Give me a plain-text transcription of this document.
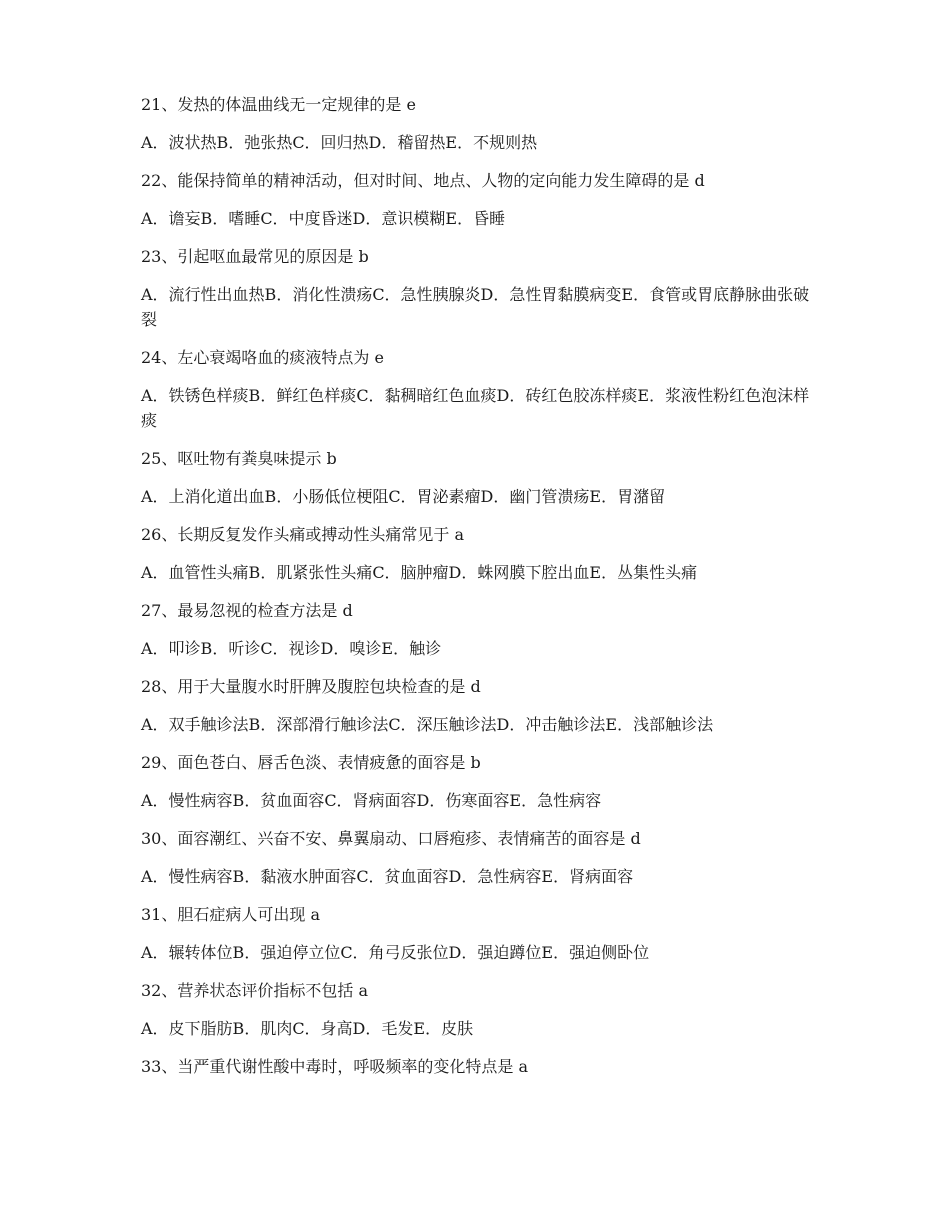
21、发热的体温曲线无一定规律的是 e

A．波状热B．弛张热C．回归热D．稽留热E．不规则热

22、能保持简单的精神活动，但对时间、地点、人物的定向能力发生障碍的是 d

A．谵妄B．嗜睡C．中度昏迷D．意识模糊E．昏睡

23、引起呕血最常见的原因是 b

A．流行性出血热B．消化性溃疡C．急性胰腺炎D．急性胃黏膜病变E．食管或胃底静脉曲张破裂

24、左心衰竭咯血的痰液特点为 e

A．铁锈色样痰B．鲜红色样痰C．黏稠暗红色血痰D．砖红色胶冻样痰E．浆液性粉红色泡沫样痰

25、呕吐物有粪臭味提示 b

A．上消化道出血B．小肠低位梗阻C．胃泌素瘤D．幽门管溃疡E．胃潴留

26、长期反复发作头痛或搏动性头痛常见于 a

A．血管性头痛B．肌紧张性头痛C．脑肿瘤D．蛛网膜下腔出血E．丛集性头痛

27、最易忽视的检查方法是 d

A．叩诊B．听诊C．视诊D．嗅诊E．触诊

28、用于大量腹水时肝脾及腹腔包块检查的是 d

A．双手触诊法B．深部滑行触诊法C．深压触诊法D．冲击触诊法E．浅部触诊法

29、面色苍白、唇舌色淡、表情疲惫的面容是 b

A．慢性病容B．贫血面容C．肾病面容D．伤寒面容E．急性病容

30、面容潮红、兴奋不安、鼻翼扇动、口唇疱疹、表情痛苦的面容是 d

A．慢性病容B．黏液水肿面容C．贫血面容D．急性病容E．肾病面容

31、胆石症病人可出现 a

A．辗转体位B．强迫停立位C．角弓反张位D．强迫蹲位E．强迫侧卧位

32、营养状态评价指标不包括 a

A．皮下脂肪B．肌肉C．身高D．毛发E．皮肤

33、当严重代谢性酸中毒时，呼吸频率的变化特点是 a
